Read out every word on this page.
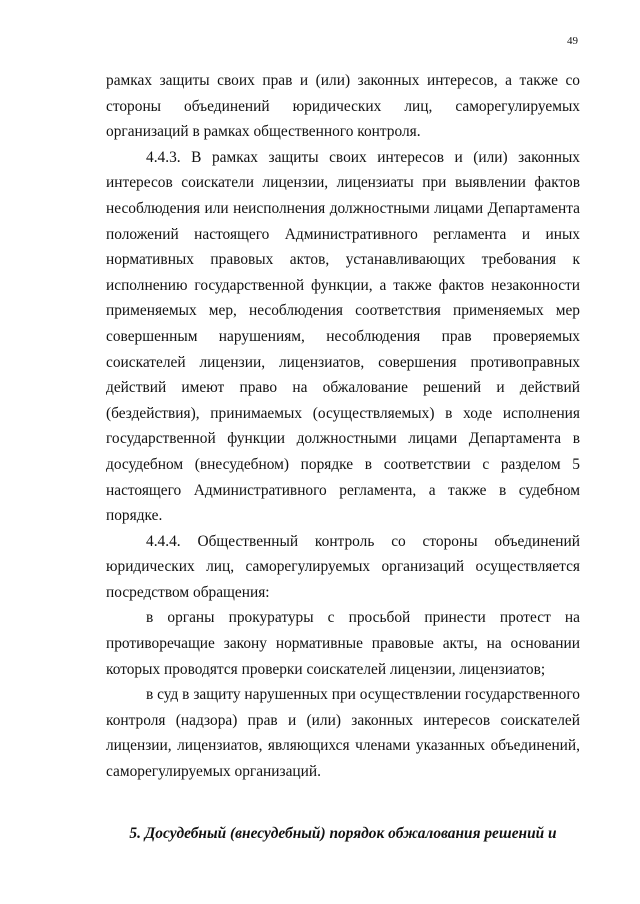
49

рамках защиты своих прав и (или) законных интересов, а также со стороны объединений юридических лиц, саморегулируемых организаций в рамках общественного контроля.

4.4.3. В рамках защиты своих интересов и (или) законных интересов соискатели лицензии, лицензиаты при выявлении фактов несоблюдения или неисполнения должностными лицами Департамента положений настоящего Административного регламента и иных нормативных правовых актов, устанавливающих требования к исполнению государственной функции, а также фактов незаконности применяемых мер, несоблюдения соответствия применяемых мер совершенным нарушениям, несоблюдения прав проверяемых соискателей лицензии, лицензиатов, совершения противоправных действий имеют право на обжалование решений и действий (бездействия), принимаемых (осуществляемых) в ходе исполнения государственной функции должностными лицами Департамента в досудебном (внесудебном) порядке в соответствии с разделом 5 настоящего Административного регламента, а также в судебном порядке.

4.4.4. Общественный контроль со стороны объединений юридических лиц, саморегулируемых организаций осуществляется посредством обращения:

в органы прокуратуры с просьбой принести протест на противоречащие закону нормативные правовые акты, на основании которых проводятся проверки соискателей лицензии, лицензиатов;

в суд в защиту нарушенных при осуществлении государственного контроля (надзора) прав и (или) законных интересов соискателей лицензии, лицензиатов, являющихся членами указанных объединений, саморегулируемых организаций.

5. Досудебный (внесудебный) порядок обжалования решений и
